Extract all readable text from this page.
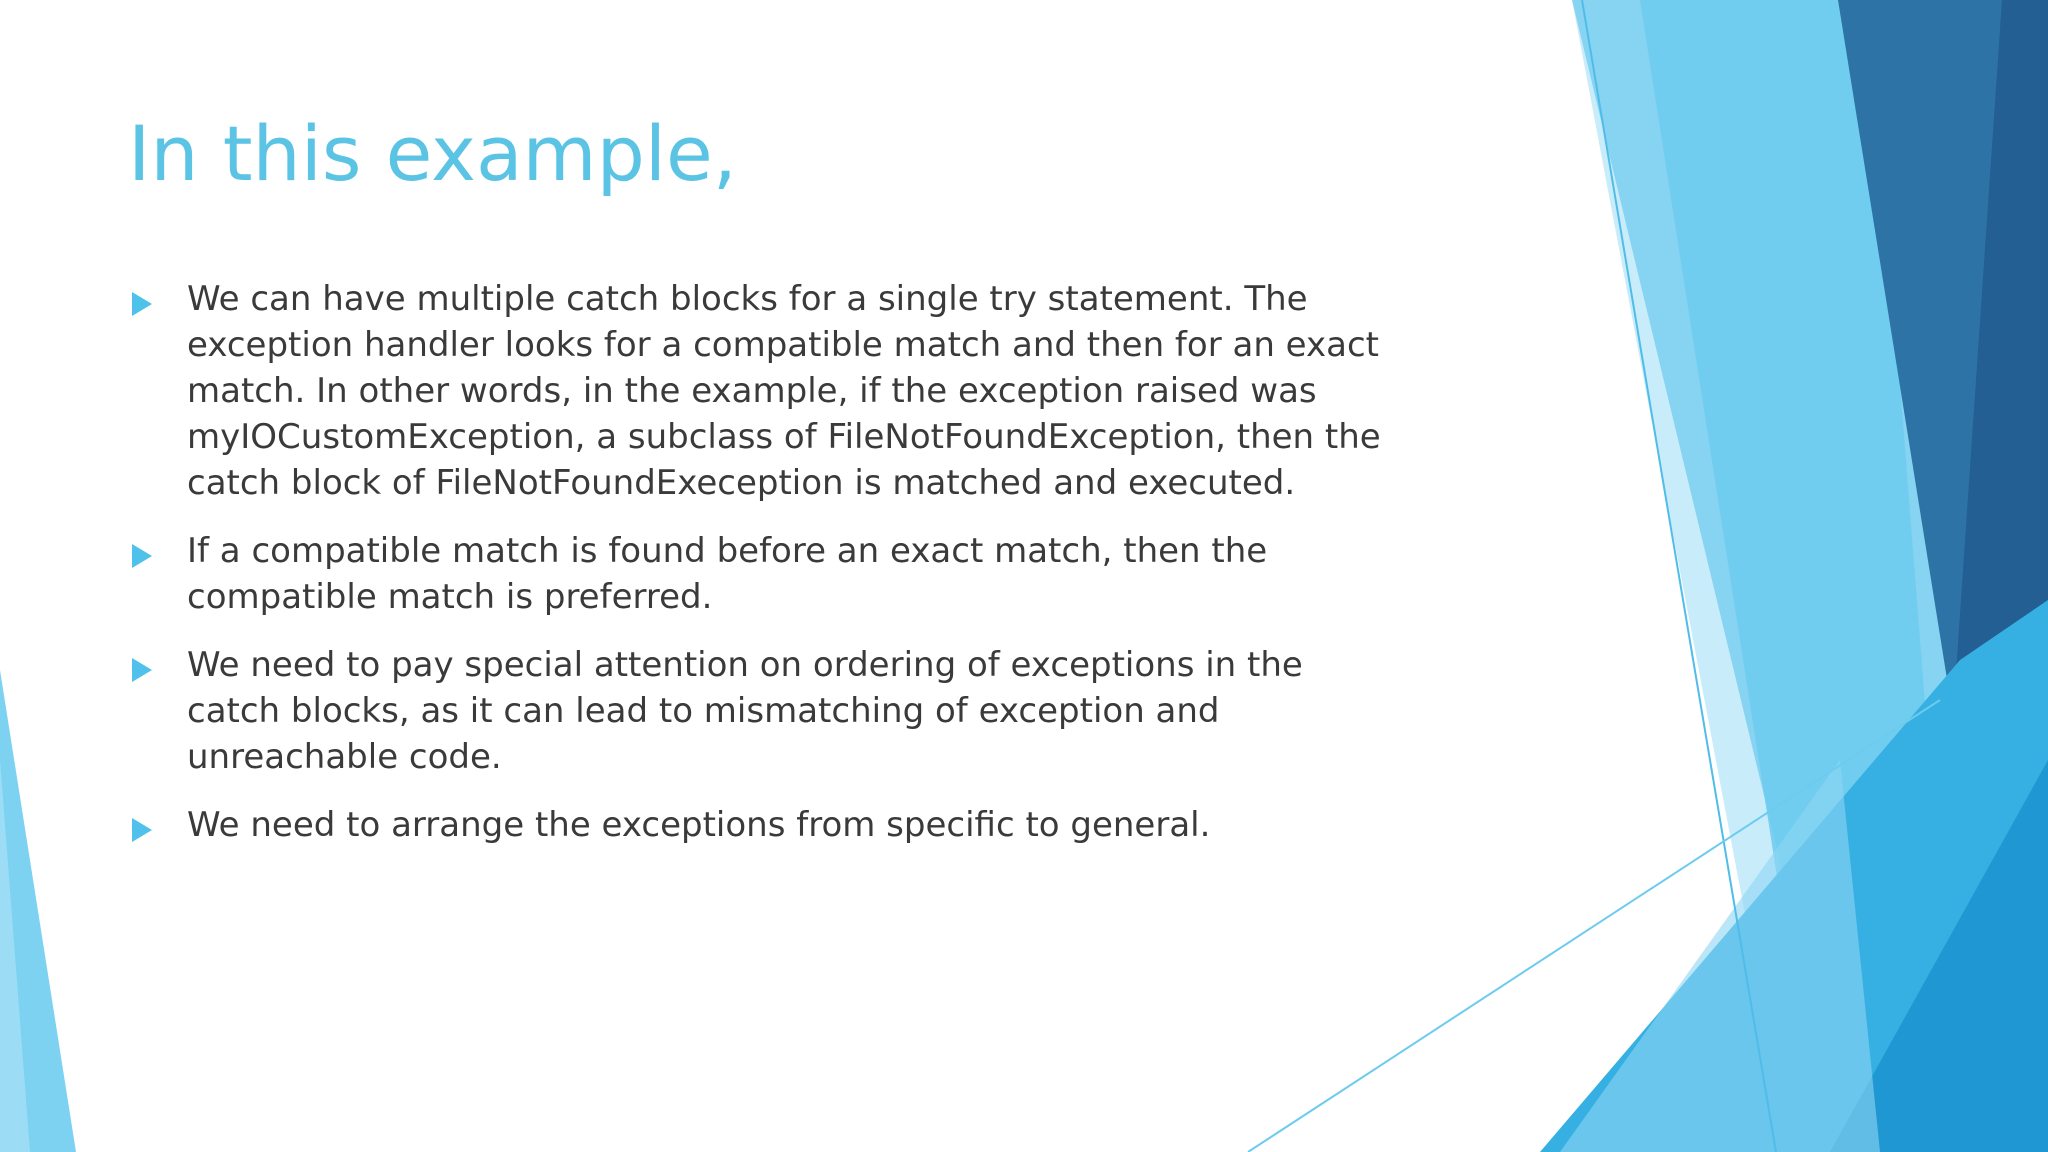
In this example,
We can have multiple catch blocks for a single try statement. The
exception handler looks for a compatible match and then for an exact
match. In other words, in the example, if the exception raised was
myIOCustomException, a subclass of FileNotFoundException, then the
catch block of FileNotFoundExeception is matched and executed.
If a compatible match is found before an exact match, then the
compatible match is preferred.
We need to pay special attention on ordering of exceptions in the
catch blocks, as it can lead to mismatching of exception and
unreachable code.
We need to arrange the exceptions from specific to general.
